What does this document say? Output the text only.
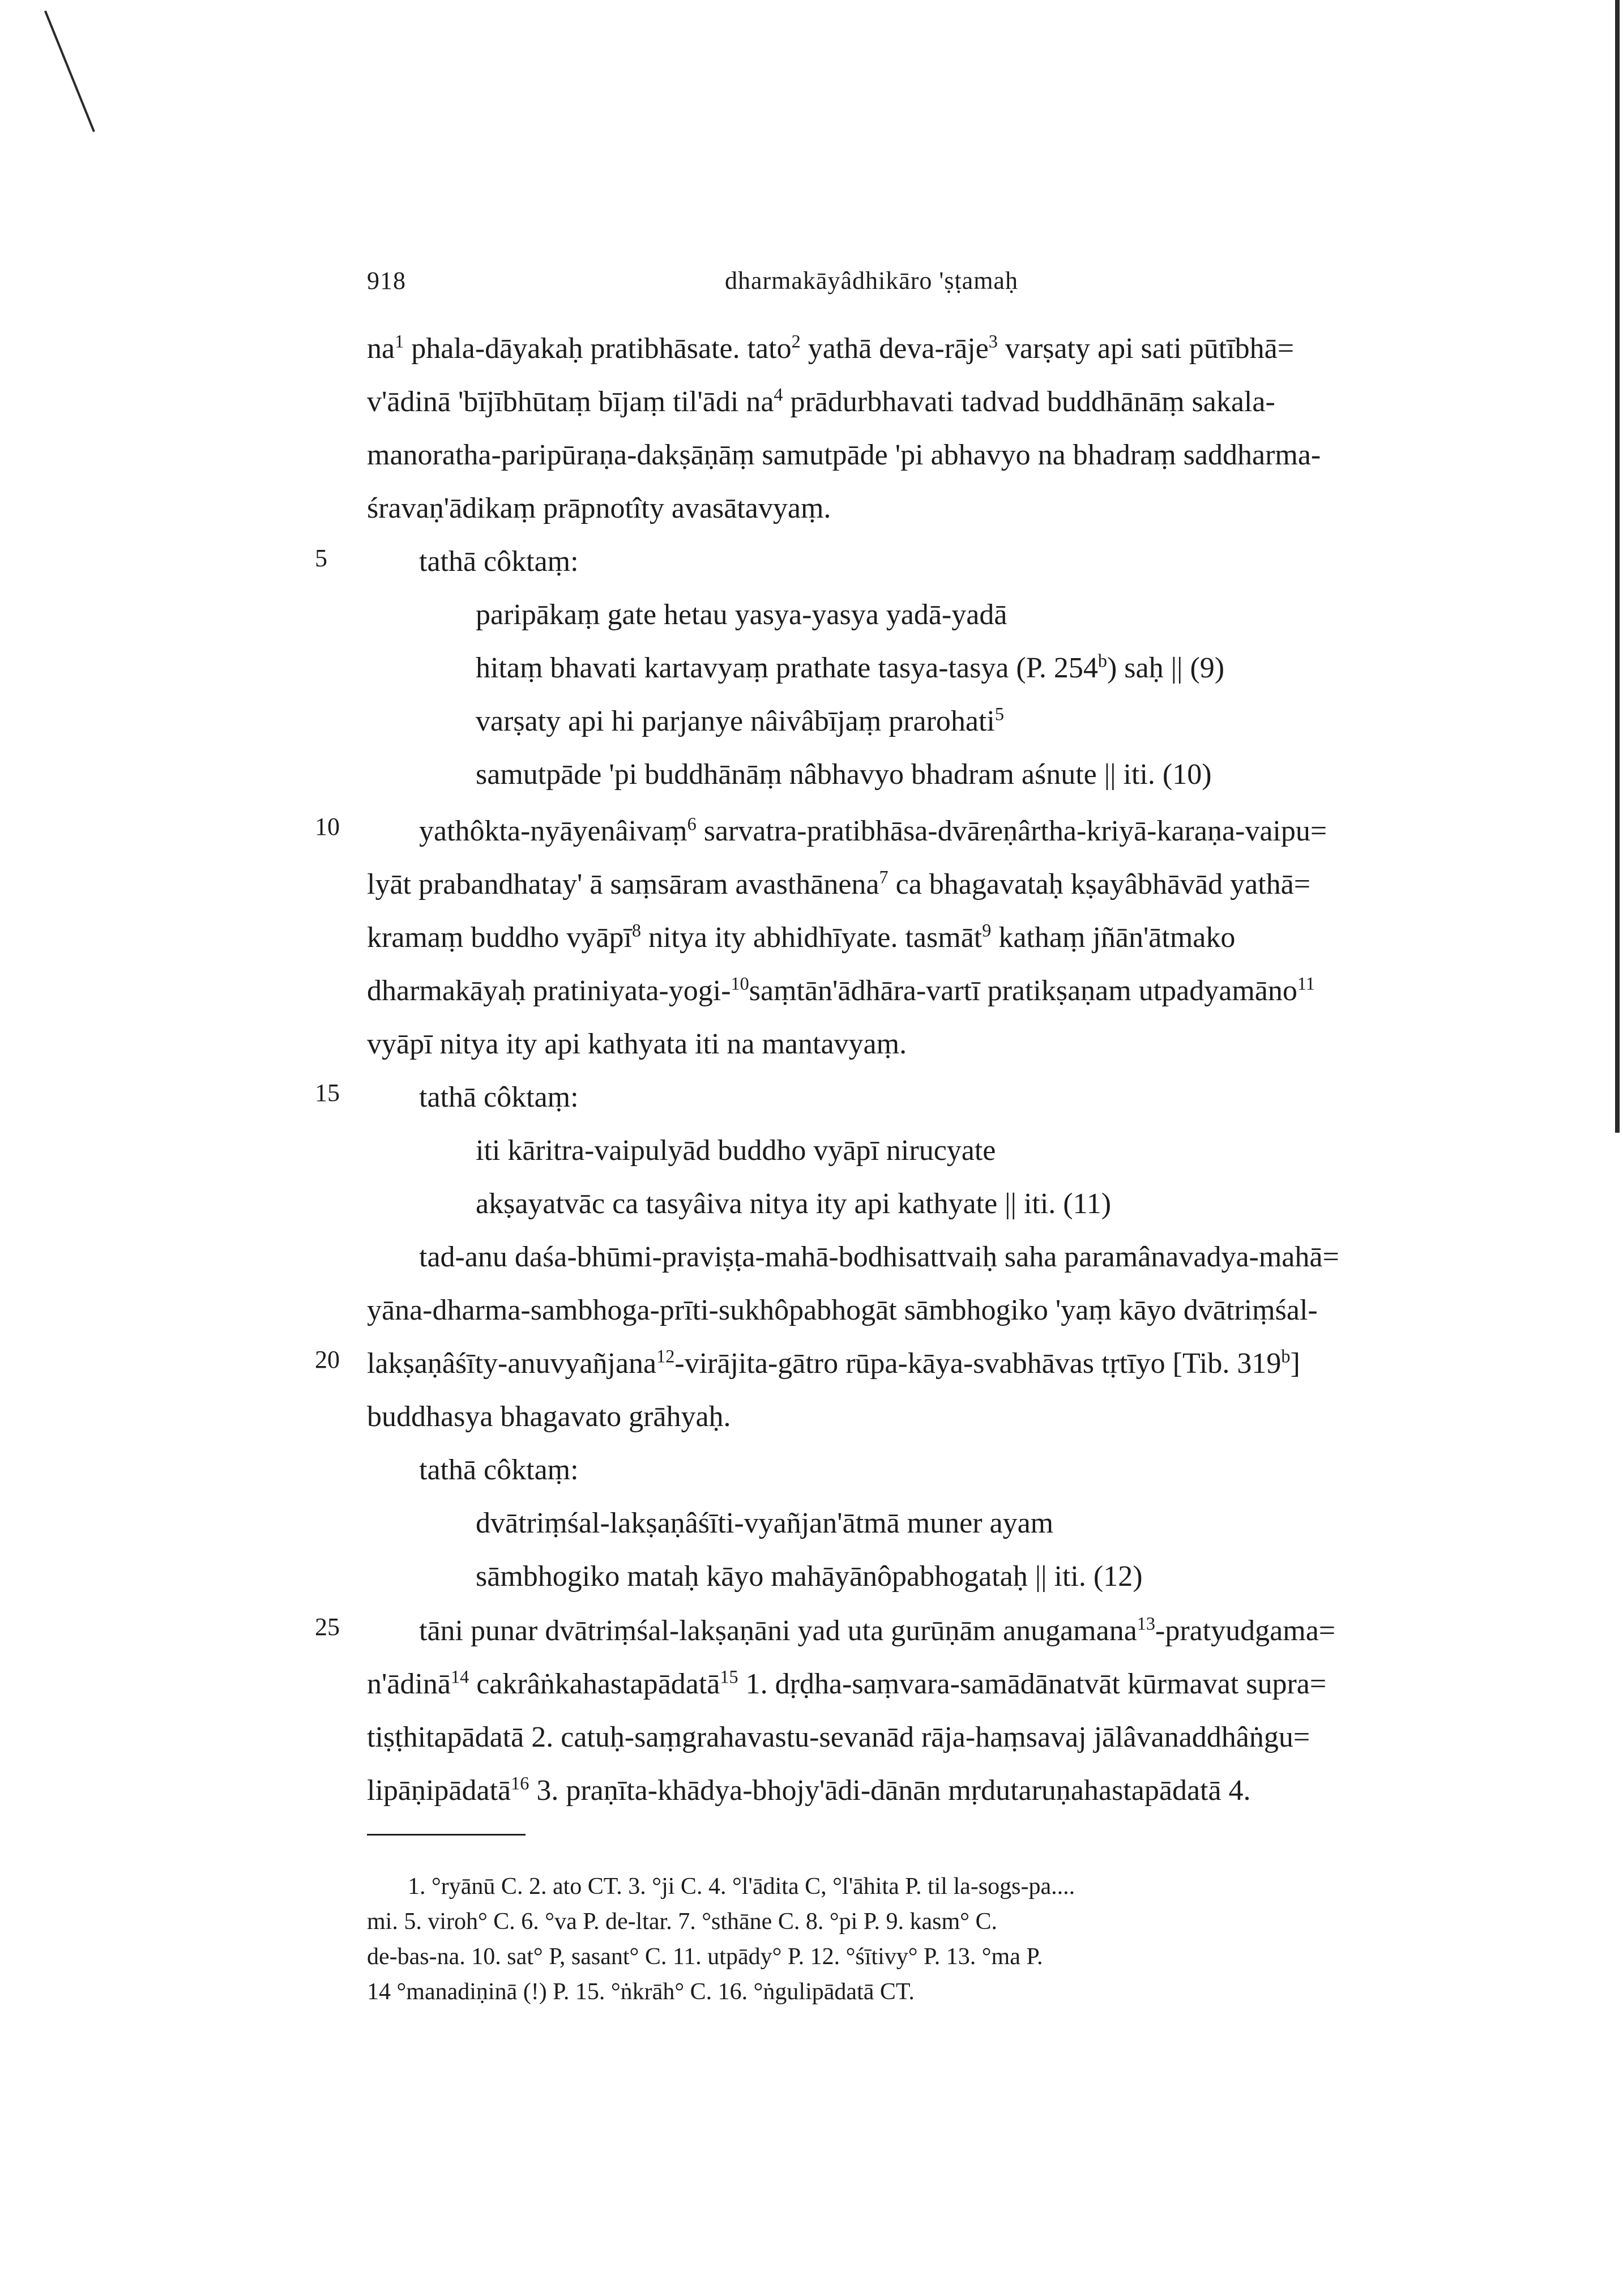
918	dharmakāyâdhikāro 'ṣṭamaḥ
5
10
15
20
25
$na^1$ phala-dāyakaḥ pratibhāsate. tato$^2$ yathā deva-rāje$^3$ varṣaty api sati pūtībhā=
v'ādinā 'bījībhūtaṃ bījaṃ til'ādi $na^4$ prādurbhavati tadvad buddhānāṃ sakala-
manoratha-paripūraṇa-dakṣāṇāṃ samutpāde 'pi abhavyo na bhadraṃ saddharma-
śravaṇ'ādikaṃ prāpnotîty avasātavyaṃ.
tathā côktaṃ:
paripākaṃ gate hetau yasya-yasya yadā-yadā
hitaṃ bhavati kartavyaṃ prathate tasya-tasya (P. 254$^b$) saḥ || (9)
varṣaty api hi parjanye nâivâbījaṃ prarohati$^5$
samutpāde 'pi buddhānāṃ nâbhavyo bhadram aśnute || iti. (10)
yathôkta-nyāyenâivaṃ$^6$ sarvatra-pratibhāsa-dvāreṇârtha-kriyā-karaṇa-vaipu=
lyāt prabandhatay' ā saṃsāram avasthānena$^7$ ca bhagavataḥ kṣayâbhāvād yathā=
kramaṃ buddho vyāpī$^8$ nitya ity abhidhīyate. tasmāt$^9$ kathaṃ jñān'ātmako
dharmakāyaḥ pratiniyata-yogi-$^{10}$saṃtān'ādhāra-vartī pratikṣaṇam utpadyamāno$^{11}$
vyāpī nitya ity api kathyata iti na mantavyaṃ.
tathā côktaṃ:
iti kāritra-vaipulyād buddho vyāpī nirucyate
akṣayatvāc ca tasyâiva nitya ity api kathyate || iti. (11)
tad-anu daśa-bhūmi-praviṣṭa-mahā-bodhisattvaiḥ saha paramânavadya-mahā=
yāna-dharma-sambhoga-prīti-sukhôpabhogāt sāmbhogiko 'yaṃ kāyo dvātriṃśal-
lakṣaṇâśīty-anuvyañjana$^{12}$-virājita-gātro rūpa-kāya-svabhāvas tṛtīyo [Tib. 319$^b$]
buddhasya bhagavato grāhyaḥ.
tathā côktaṃ:
dvātriṃśal-lakṣaṇâśīti-vyañjan'ātmā muner ayam
sāmbhogiko mataḥ kāyo mahāyānôpabhogataḥ || iti. (12)
tāni punar dvātriṃśal-lakṣaṇāni yad uta gurūṇām anugamana$^{13}$-pratyudgama=
n'ādinā$^{14}$ cakrâṅkahastapādatā$^{15}$ 1. dṛḍha-saṃvara-samādānatvāt kūrmavat supra=
tiṣṭhitapādatā 2. catuḥ-saṃgrahavastu-sevanād rāja-haṃsavaj jālâvanaddhâṅgu=
lipāṇipādatā$^{16}$ 3. praṇīta-khādya-bhojy'ādi-dānān mṛdutaruṇahastapādatā 4.
1. °ryānū C. 2. ato CT. 3. °ji C. 4. °l'ādita C, °l'āhita P. til la-sogs-pa....
mi. 5. viroh° C. 6. °va P. de-ltar. 7. °sthāne C. 8. °pi P. 9. kasm° C.
de-bas-na. 10. sat° P, sasant° C. 11. utpādy° P. 12. °śītivy° P. 13. °ma P.
14 °manadiṇinā (!) P. 15. °ṅkrāh° C. 16. °ṅgulipādatā CT.
